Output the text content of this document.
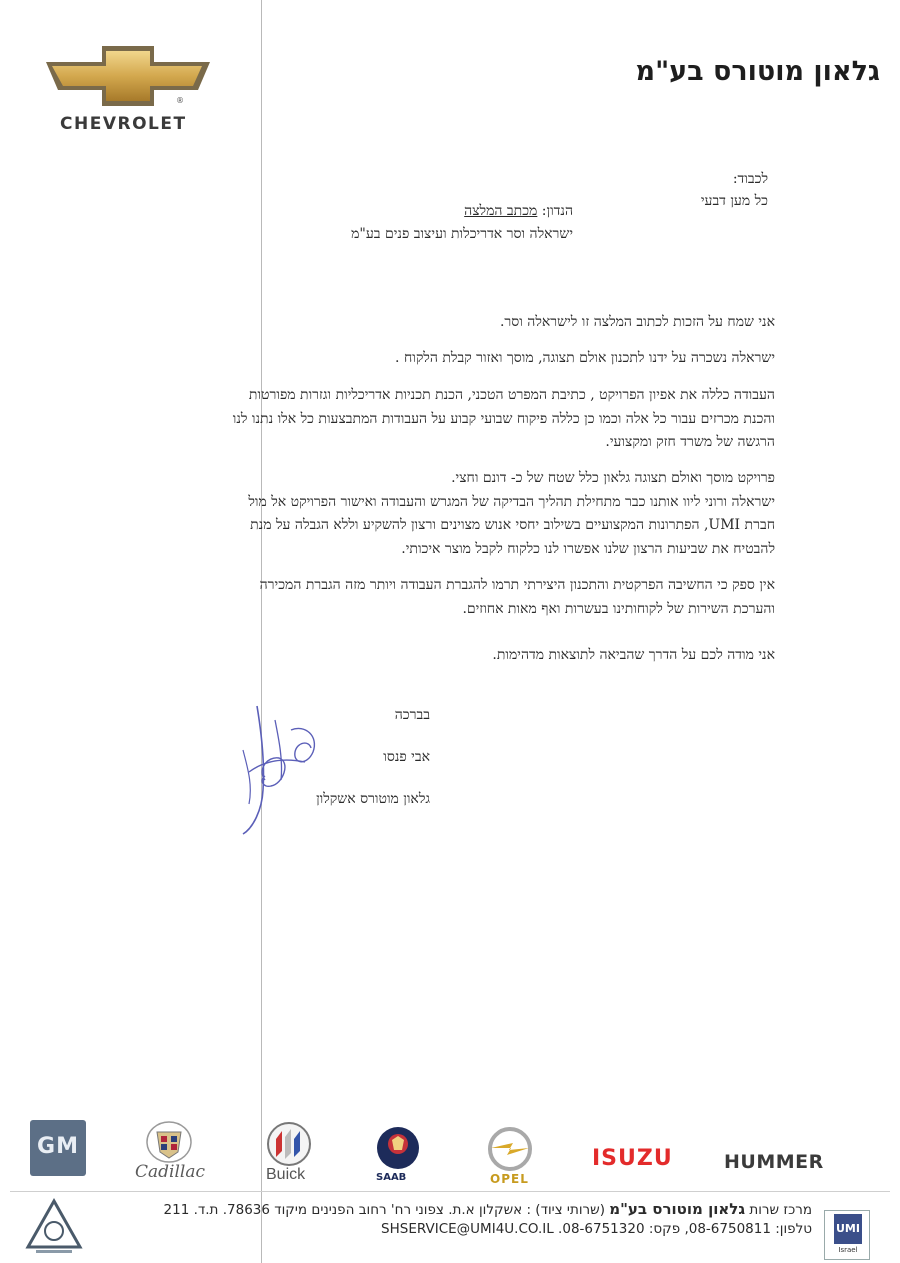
®
CHEVROLET
גלאון מוטורס בע"מ
לכבוד:
כל מען דבעי
הנדון: מכתב המלצה
ישראלה וסר אדריכלות ועיצוב פנים בע"מ

אני שמח על הזכות לכתוב המלצה זו לישראלה וסר.

ישראלה נשכרה על ידנו לתכנון אולם תצוגה, מוסך ואזור קבלת הלקוח .

העבודה כללה את אפיון הפרויקט , כתיבת המפרט הטכני, הכנת תכניות אדריכליות וגזרות מפורטות

והכנת מכרזים עבור כל אלה וכמו כן כללה פיקוח שבועי קבוע על העבודות המתבצעות כל אלו נתנו לנו

הרגשה של משרד חזק ומקצועי.

פרויקט מוסך ואולם תצוגה גלאון כלל שטח של כ- דונם וחצי.

ישראלה ורוני ליוו אותנו כבר מתחילת תהליך הבדיקה של המגרש והעבודה ואישור הפרויקט אל מול

חברת UMI, הפתרונות המקצועיים בשילוב יחסי אנוש מצוינים ורצון להשקיע וללא הגבלה על מנת

להבטיח את שביעות הרצון שלנו אפשרו לנו כלקוח לקבל מוצר איכותי.

אין ספק כי החשיבה הפרקטית והתכנון היצירתי תרמו להגברת העבודה ויותר מזה הגברת המכירה

והערכת השירות של לקוחותינו בעשרות ואף מאות אחוזים.

אני מודה לכם על הדרך שהביאה לתוצאות מדהימות.

בברכה
אבי פנסו
גלאון מוטורס אשקלון
GM
Cadillac	Buick	SAAB	OPEL
ISUZU	HUMMER
מרכז שרות גלאון מוטורס בע"מ (שרותי ציוד) : אשקלון א.ת. צפוני רח' רחוב הפנינים מיקוד 78636. ת.ד. 211
טלפון: 08-6750811, פקס: 08-6751320. SHSERVICE@UMI4U.CO.IL UMI
Israel
